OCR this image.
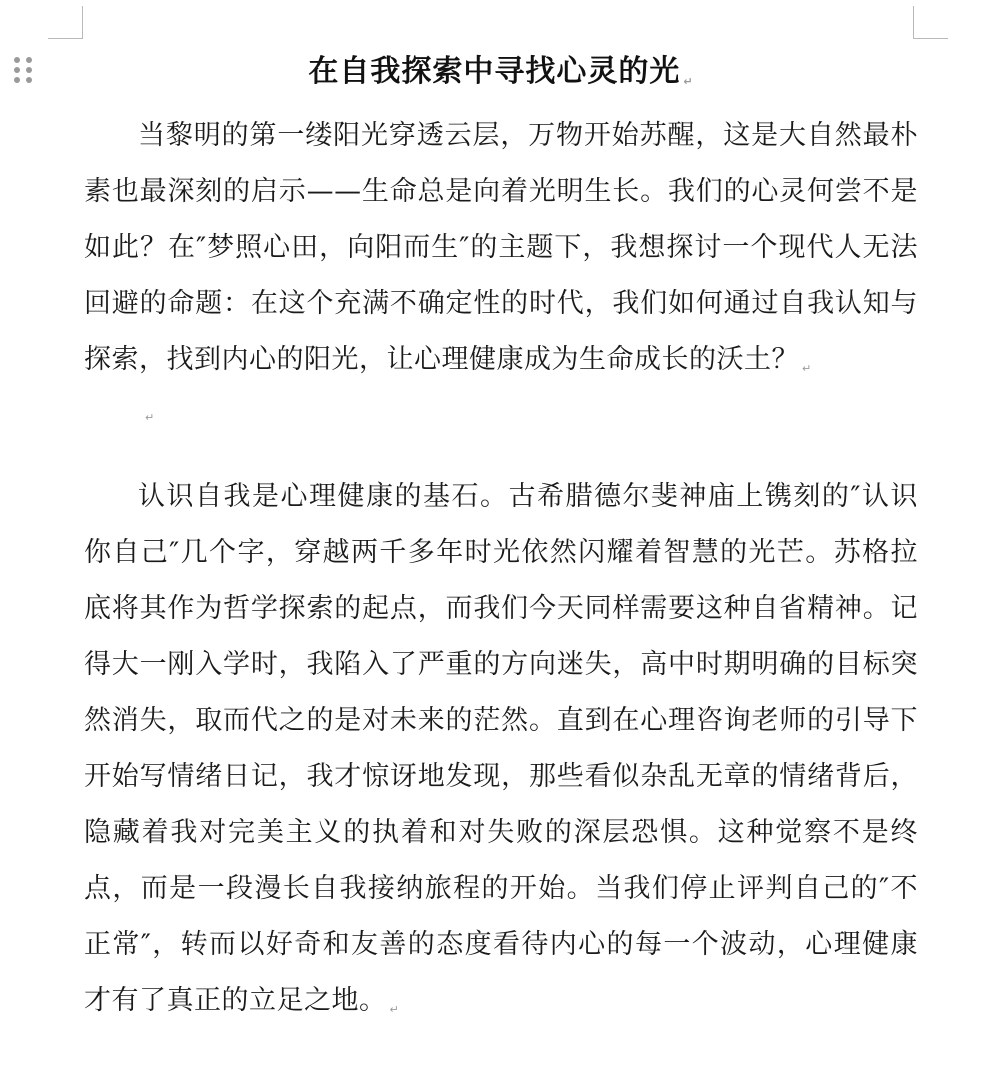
在自我探索中寻找心灵的光 ↵

当黎明的第一缕阳光穿透云层，万物开始苏醒，这是大自然最朴素也最深刻的启示——生命总是向着光明生长。我们的心灵何尝不是如此？在″梦照心田，向阳而生″的主题下，我想探讨一个现代人无法回避的命题：在这个充满不确定性的时代，我们如何通过自我认知与探索，找到内心的阳光，让心理健康成为生命成长的沃土？ ↵

↵

认识自我是心理健康的基石。古希腊德尔斐神庙上镌刻的″认识你自己″几个字，穿越两千多年时光依然闪耀着智慧的光芒。苏格拉底将其作为哲学探索的起点，而我们今天同样需要这种自省精神。记得大一刚入学时，我陷入了严重的方向迷失，高中时期明确的目标突然消失，取而代之的是对未来的茫然。直到在心理咨询老师的引导下开始写情绪日记，我才惊讶地发现，那些看似杂乱无章的情绪背后，隐藏着我对完美主义的执着和对失败的深层恐惧。这种觉察不是终点，而是一段漫长自我接纳旅程的开始。当我们停止评判自己的″不正常″，转而以好奇和友善的态度看待内心的每一个波动，心理健康才有了真正的立足之地。 ↵
